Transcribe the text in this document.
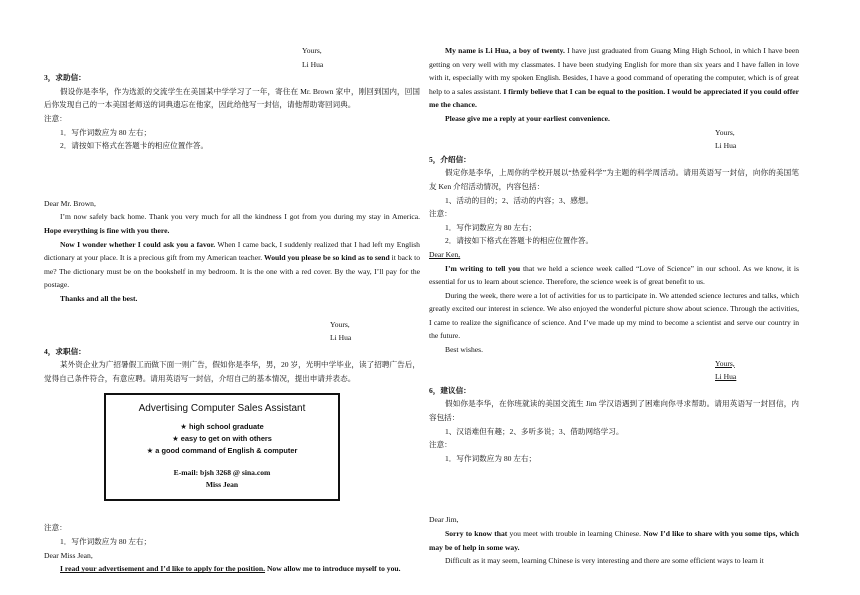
Yours,

Li Hua

3，求助信：

假设你是李华，作为选派的交流学生在美国某中学学习了一年，寄住在 Mr. Brown 家中，刚回到国内，回国后你发现自己的一本美国老师送的词典遗忘在他家，因此给他写一封信，请他帮助寄回词典。

注意：

1．写作词数应为 80 左右；

2．请按如下格式在答题卡的相应位置作答。

Dear Mr. Brown,

I’m now safely back home. Thank you very much for all the kindness I got from you during my stay in America. Hope everything is fine with you there.

Now I wonder whether I could ask you a favor. When I came back, I suddenly realized that I had left my English dictionary at your place. It is a precious gift from my American teacher. Would you please be so kind as to send it back to me? The dictionary must be on the bookshelf in my bedroom. It is the one with a red cover. By the way, I’ll pay for the postage.

Thanks and all the best.

Yours,

Li Hua

4，求职信：

某外资企业为广招暑假工而做下面一则广告，假如你是李华，男，20 岁，光明中学毕业，读了招聘广告后，觉得自己条件符合，有意应聘。请用英语写一封信，介绍自己的基本情况，提出申请并表态。

Advertising Computer Sales Assistant
★ high school graduate
★ easy to get on with others
★ a good command of English & computer
E-mail: bjsh 3268 @ sina.com
Miss Jean

注意：

1．写作词数应为 80 左右；

Dear Miss Jean,

I read your advertisement and I’d like to apply for the position. Now allow me to introduce myself to you.

My name is Li Hua, a boy of twenty. I have just graduated from Guang Ming High School, in which I have been getting on very well with my classmates. I have been studying English for more than six years and I have fallen in love with it, especially with my spoken English. Besides, I have a good command of operating the computer, which is of great help to a sales assistant. I firmly believe that I can be equal to the position. I would be appreciated if you could offer me the chance.

Please give me a reply at your earliest convenience.

Yours,

Li Hua

5，介绍信：

假定你是李华，上周你的学校开展以“热爱科学”为主题的科学周活动。请用英语写一封信，向你的美国笔友 Ken 介绍活动情况，内容包括：

1、活动的目的；2、活动的内容；3、感想。

注意：

1．写作词数应为 80 左右；

2．请按如下格式在答题卡的相应位置作答。

Dear Ken,

I’m writing to tell you that we held a science week called “Love of Science” in our school. As we know, it is essential for us to learn about science. Therefore, the science week is of great benefit to us.

During the week, there were a lot of activities for us to participate in. We attended science lectures and talks, which greatly excited our interest in science. We also enjoyed the wonderful picture show about science. Through the activities, I came to realize the significance of science. And I’ve made up my mind to become a scientist and serve our country in the future.

Best wishes.

Yours,

Li Hua

6，建议信：

假如你是李华，在你班就读的美国交流生 Jim 学汉语遇到了困难向你寻求帮助。请用英语写一封回信，内容包括：

1、汉语难但有趣；2、多听多说；3、借助网络学习。

注意：

1．写作词数应为 80 左右；

Dear Jim,

Sorry to know that you meet with trouble in learning Chinese. Now I’d like to share with you some tips, which may be of help in some way.

Difficult as it may seem, learning Chinese is very interesting and there are some efficient ways to learn it
